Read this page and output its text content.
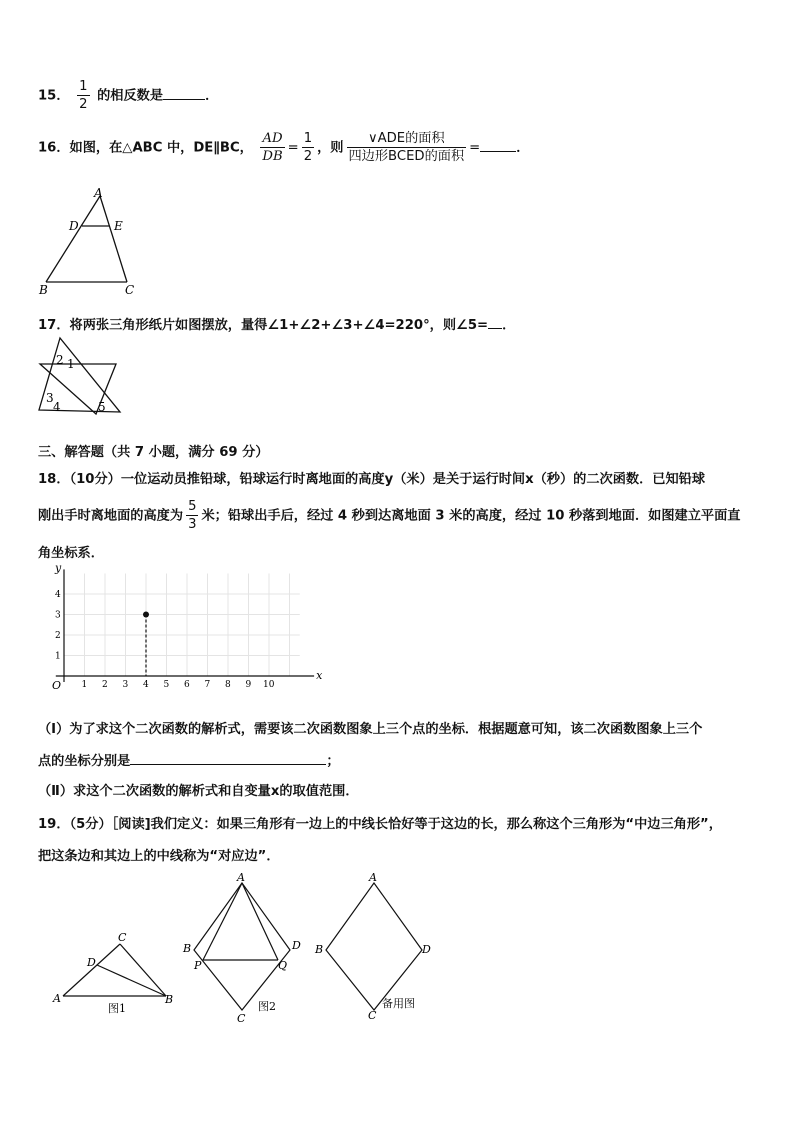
15． $\frac{1}{2}$ 的相反数是	．
16．如图，在△ABC 中，DE∥BC， $\frac{AD}{DB} = \frac{1}{2}$ ，则 $\frac{\text{∨ADE的面积}}{\text{四边形BCED的面积}}$ =	．
A
D	E
B	C
17．将两张三角形纸片如图摆放，量得∠1+∠2+∠3+∠4=220°，则∠5= ．
2 1
3
4	5
三、解答题（共 7 小题，满分 69 分）
18．（10分）一位运动员推铅球，铅球运行时离地面的高度y（米）是关于运行时间x（秒）的二次函数．已知铅球
刚出手时离地面的高度为 $\frac{5}{3}$ 米；铅球出手后，经过 4 秒到达离地面 3 米的高度，经过 10 秒落到地面．如图建立平面直
角坐标系．
1 2 3 4 5 6 7 8 9 10
1
2
3
4
y
x
O
（Ⅰ）为了求这个二次函数的解析式，需要该二次函数图象上三个点的坐标．根据题意可知，该二次函数图象上三个
点的坐标分别是	；
（Ⅱ）求这个二次函数的解析式和自变量x的取值范围．
19．（5分）［阅读]我们定义：如果三角形有一边上的中线长恰好等于这边的长，那么称这个三角形为“中边三角形”，
把这条边和其边上的中线称为“对应边”．
C
D
A	B
图1
A
B	D
P	Q
C
图2
A
B	D
C
备用图
